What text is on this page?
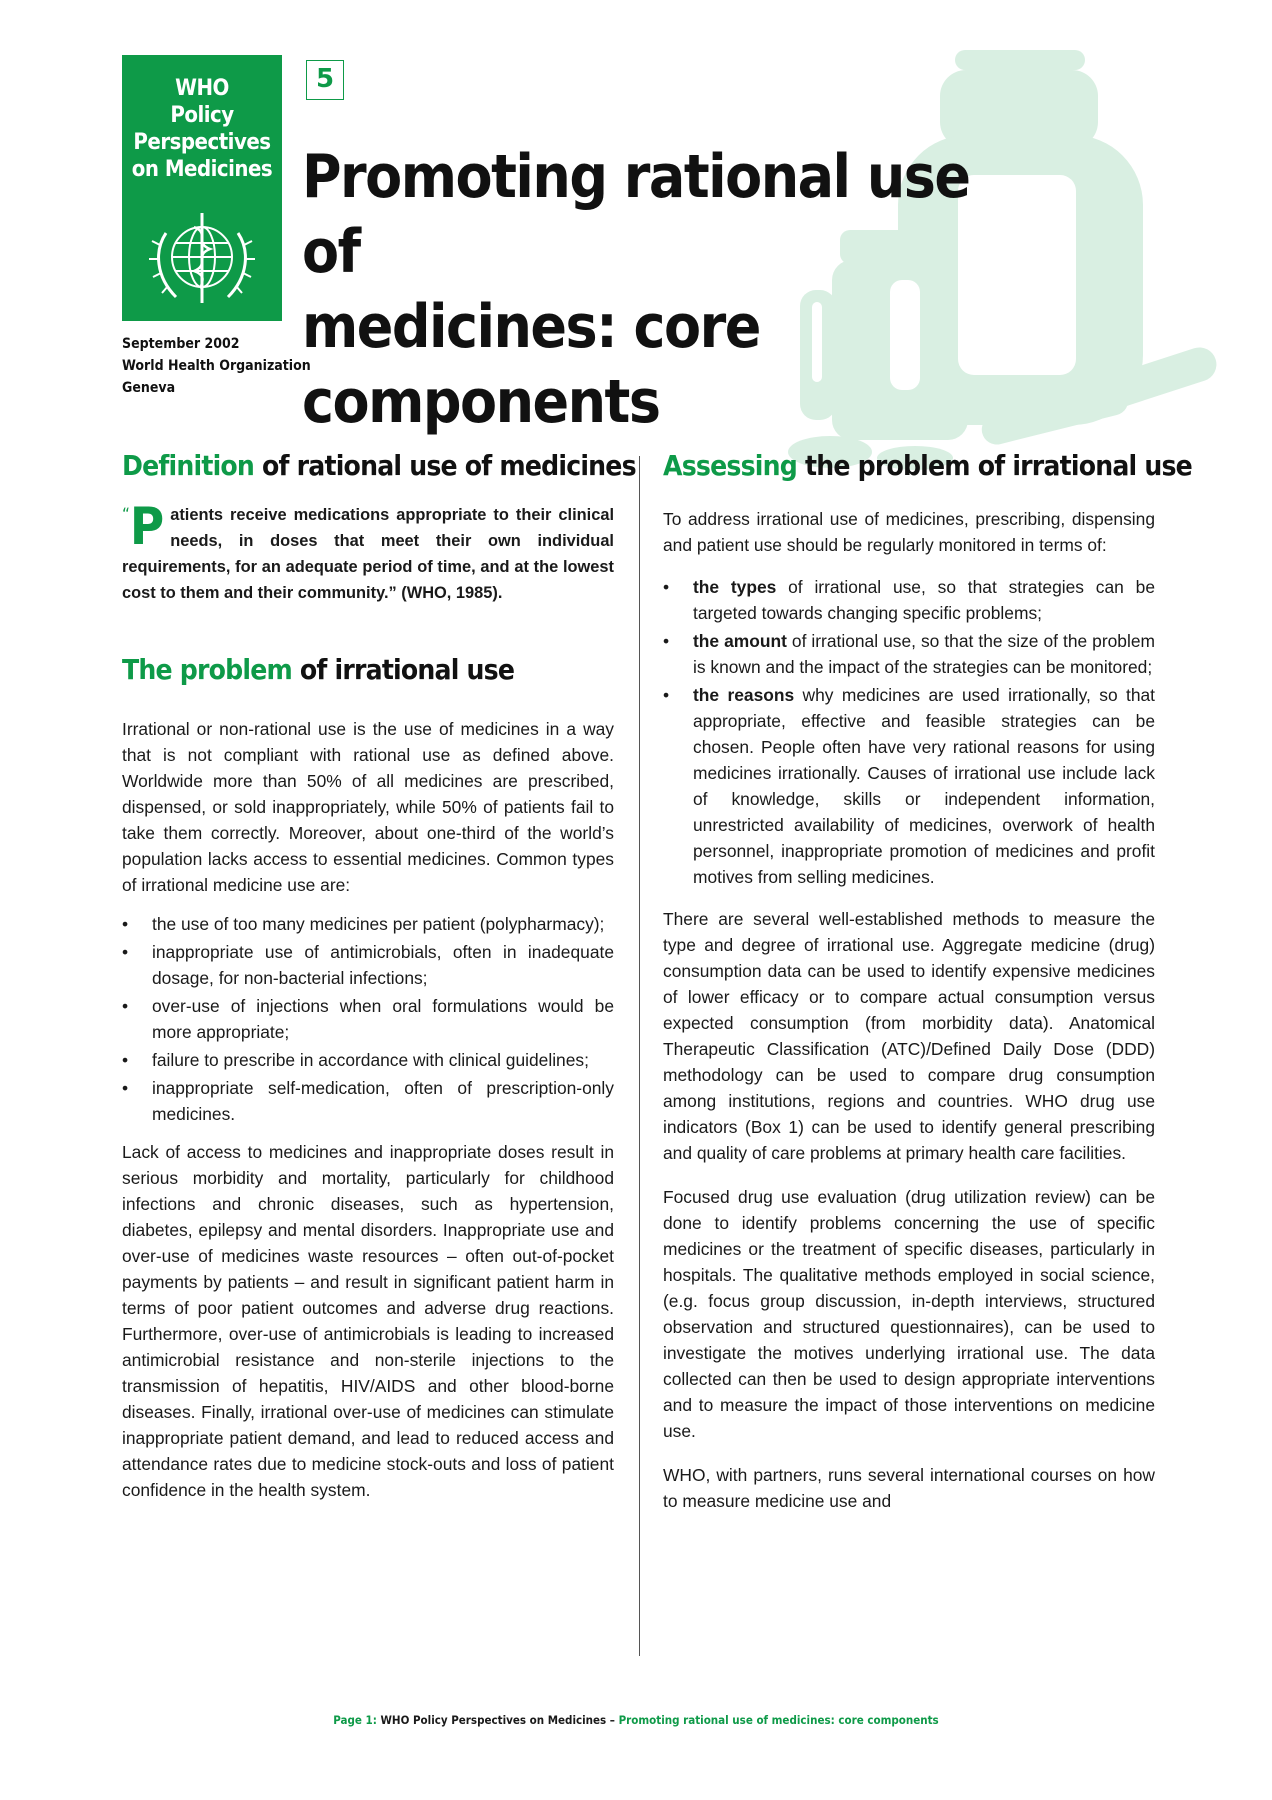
WHO
Policy
Perspectives
on Medicines
5
Promoting rational use of
medicines: core components
September 2002
World Health Organization
Geneva
Definition of rational use of medicines
“P atients receive medications appropriate to their clinical needs, in doses that meet their own individual requirements, for an adequate period of time, and at the lowest cost to them and their community.” (WHO, 1985).
The problem of irrational use

Irrational or non-rational use is the use of medicines in a way that is not compliant with rational use as defined above. Worldwide more than 50% of all medicines are prescribed, dispensed, or sold inappropriately, while 50% of patients fail to take them correctly. Moreover, about one-third of the world’s population lacks access to essential medicines. Common types of irrational medicine use are:

• the use of too many medicines per patient (polypharmacy);
• inappropriate use of antimicrobials, often in inadequate dosage, for non-bacterial infections;
• over-use of injections when oral formulations would be more appropriate;
• failure to prescribe in accordance with clinical guidelines;
• inappropriate self-medication, often of prescription-only medicines.

Lack of access to medicines and inappropriate doses result in serious morbidity and mortality, particularly for childhood infections and chronic diseases, such as hypertension, diabetes, epilepsy and mental disorders. Inappropriate use and over-use of medicines waste resources – often out-of-pocket payments by patients – and result in significant patient harm in terms of poor patient outcomes and adverse drug reactions. Furthermore, over-use of antimicrobials is leading to increased antimicrobial resistance and non-sterile injections to the transmission of hepatitis, HIV/AIDS and other blood-borne diseases. Finally, irrational over-use of medicines can stimulate inappropriate patient demand, and lead to reduced access and attendance rates due to medicine stock-outs and loss of patient confidence in the health system.

Assessing the problem of irrational use

To address irrational use of medicines, prescribing, dispensing and patient use should be regularly monitored in terms of:

• the types of irrational use, so that strategies can be targeted towards changing specific problems;
• the amount of irrational use, so that the size of the problem is known and the impact of the strategies can be monitored;
• the reasons why medicines are used irrationally, so that appropriate, effective and feasible strategies can be chosen. People often have very rational reasons for using medicines irrationally. Causes of irrational use include lack of knowledge, skills or independent information, unrestricted availability of medicines, overwork of health personnel, inappropriate promotion of medicines and profit motives from selling medicines.

There are several well-established methods to measure the type and degree of irrational use. Aggregate medicine (drug) consumption data can be used to identify expensive medicines of lower efficacy or to compare actual consumption versus expected consumption (from morbidity data). Anatomical Therapeutic Classification (ATC)/Defined Daily Dose (DDD) methodology can be used to compare drug consumption among institutions, regions and countries. WHO drug use indicators (Box 1) can be used to identify general prescribing and quality of care problems at primary health care facilities.

Focused drug use evaluation (drug utilization review) can be done to identify problems concerning the use of specific medicines or the treatment of specific diseases, particularly in hospitals. The qualitative methods employed in social science, (e.g. focus group discussion, in-depth interviews, structured observation and structured questionnaires), can be used to investigate the motives underlying irrational use. The data collected can then be used to design appropriate interventions and to measure the impact of those interventions on medicine use.

WHO, with partners, runs several international courses on how to measure medicine use and

Page 1: WHO Policy Perspectives on Medicines – Promoting rational use of medicines: core components
